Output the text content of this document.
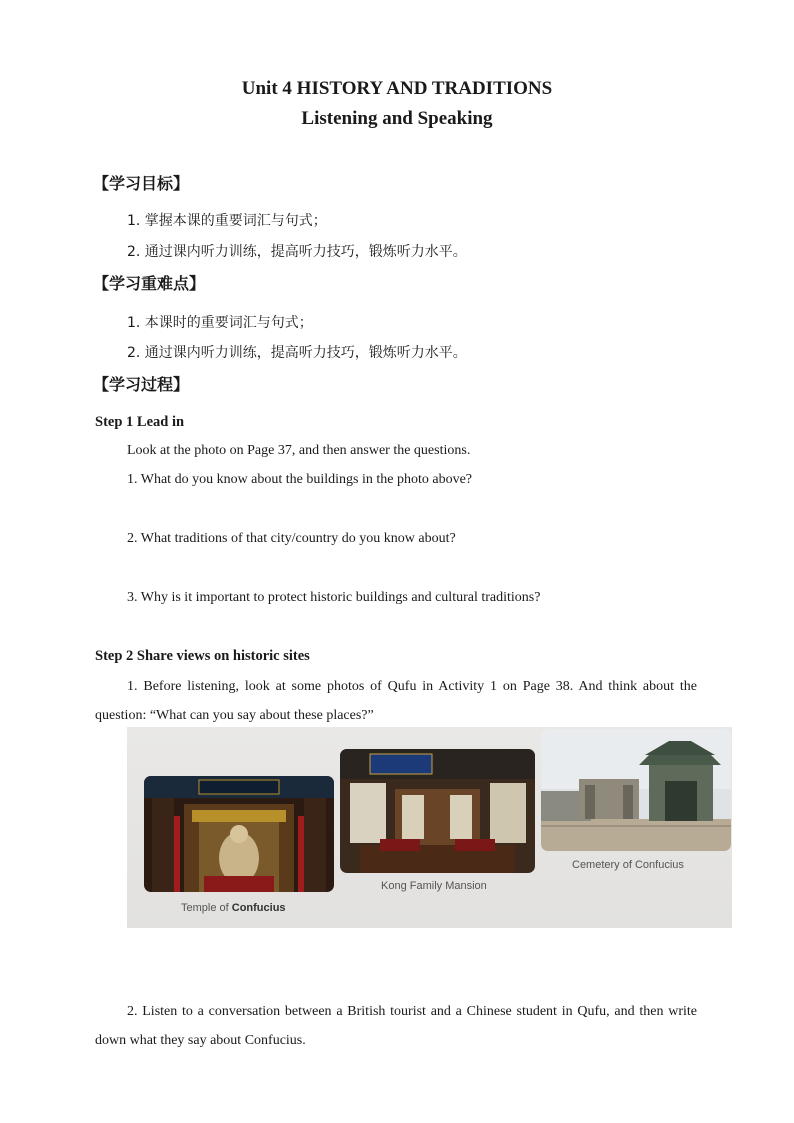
Unit 4 HISTORY AND TRADITIONS
Listening and Speaking
【学习目标】
1. 掌握本课的重要词汇与句式；
2. 通过课内听力训练，提高听力技巧，锻炼听力水平。
【学习重难点】
1. 本课时的重要词汇与句式；
2. 通过课内听力训练，提高听力技巧，锻炼听力水平。
【学习过程】
Step 1 Lead in
Look at the photo on Page 37, and then answer the questions.
1. What do you know about the buildings in the photo above?
2. What traditions of that city/country do you know about?
3. Why is it important to protect historic buildings and cultural traditions?
Step 2 Share views on historic sites
1. Before listening, look at some photos of Qufu in Activity 1 on Page 38. And think about the question: “What can you say about these places?”
Temple of Confucius
Kong Family Mansion
Cemetery of Confucius
2. Listen to a conversation between a British tourist and a Chinese student in Qufu, and then write down what they say about Confucius.
